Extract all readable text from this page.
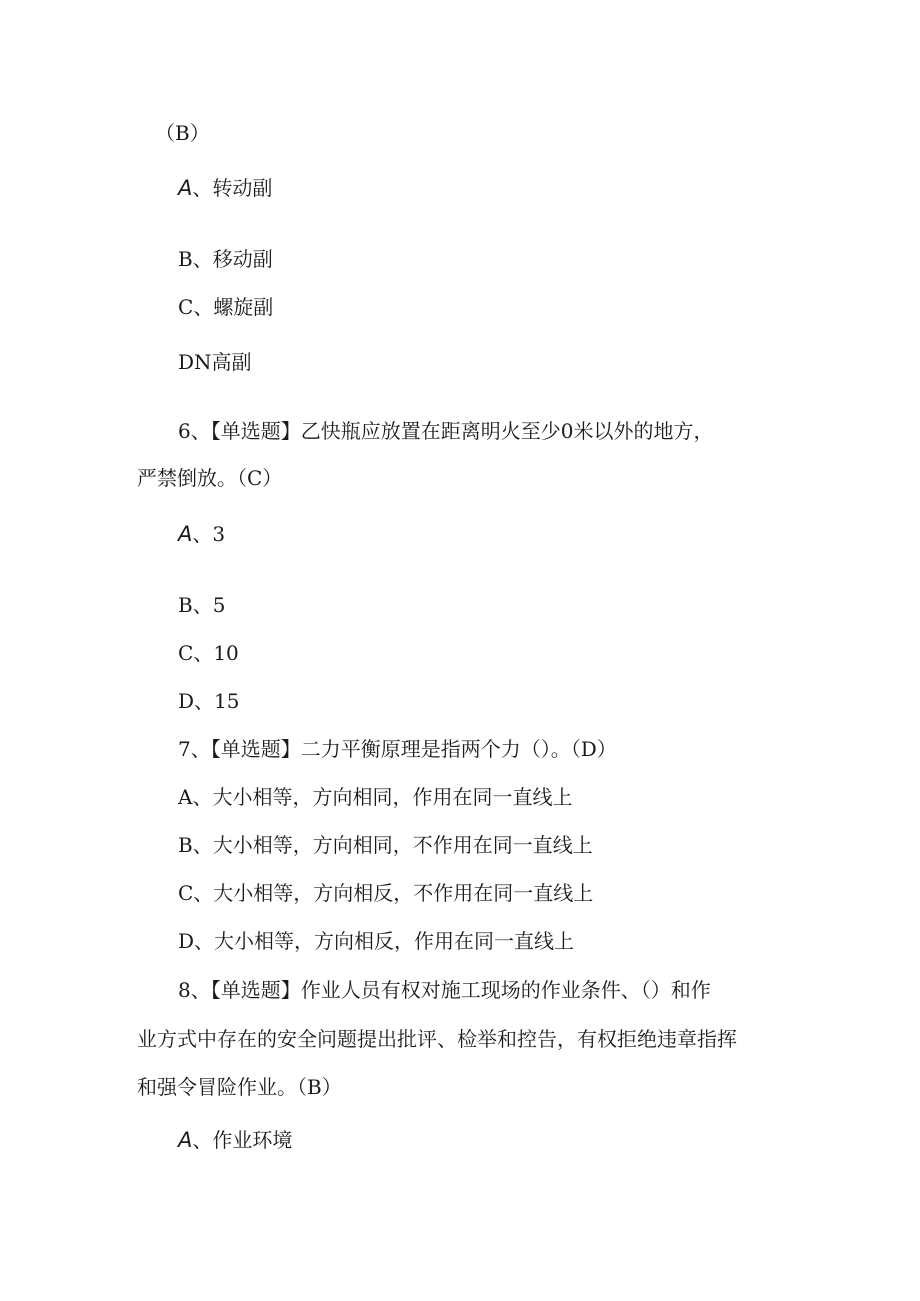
（B）
A、转动副
B、移动副
C、螺旋副
DN高副
6、【单选题】乙快瓶应放置在距离明火至少0米以外的地方，
严禁倒放。（C）
A、3
B、5
C、10
D、15
7、【单选题】二力平衡原理是指两个力（）。（D）
A、大小相等，方向相同，作用在同一直线上
B、大小相等，方向相同，不作用在同一直线上
C、大小相等，方向相反，不作用在同一直线上
D、大小相等，方向相反，作用在同一直线上
8、【单选题】作业人员有权对施工现场的作业条件、（）和作
业方式中存在的安全问题提出批评、检举和控告，有权拒绝违章指挥
和强令冒险作业。（B）
A、作业环境
